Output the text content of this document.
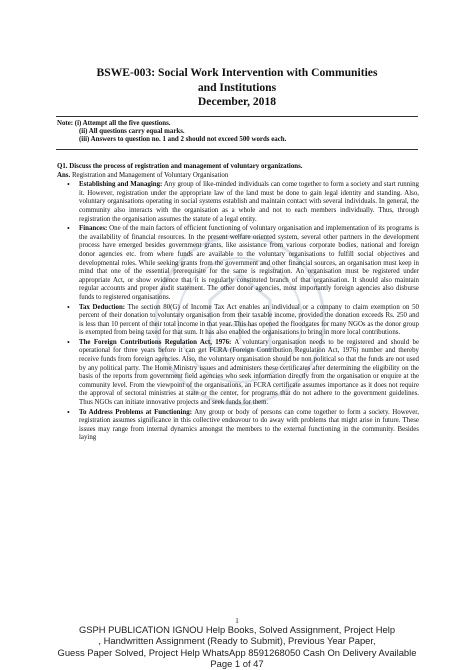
BSWE-003: Social Work Intervention with Communities
and Institutions
December, 2018
Note: (i) Attempt all the five questions.
(ii) All questions carry equal marks.
(iii) Answers to question no. 1 and 2 should not exceed 500 words each.
Q1. Discuss the process of registration and management of voluntary organizations.
Ans. Registration and Management of Voluntary Organisation
• Establishing and Managing: Any group of like-minded individuals can come together to form a society and start running it. However, registration under the appropriate law of the land must be done to gain legal identity and standing. Also, voluntary organisations operating in social systems establish and maintain contact with several individuals. In general, the community also interacts with the organisation as a whole and not to each members individually. Thus, through registration the organisation assumes the statute of a legal entity.
• Finances: One of the main factors of efficient functioning of voluntary organisation and implementation of its programs is the availability of financial resources. In the present welfare oriented system, several other partners in the development process have emerged besides government grants, like assistance from various corporate bodies, national and foreign donor agencies etc. from where funds are available to the voluntary organisations to fulfill social objectives and developmental roles. While seeking grants from the government and other financial sources, an organisation must keep in mind that one of the essential prerequisite for the same is registration. An organisation must be registered under appropriate Act, or show evidence that it is regularly constituted branch of that organisation. It should also maintain regular accounts and proper audit statement. The other donor agencies, most importantly foreign agencies also disburse funds to registered organisations.
• Tax Deduction: The section 80(G) of Income Tax Act enables an individual or a company to claim exemption on 50 percent of their donation to voluntary organisation from their taxable income, provided the donation exceeds Rs. 250 and is less than 10 percent of their total income in that year. This has opened the floodgates for many NGOs as the donor group is exempted from being taxed for that sum. It has also enabled the organisations to bring in more local contributions.
• The Foreign Contributions Regulation Act, 1976: A voluntary organisation needs to be registered and should be operational for three years before it can get FCRA (Foreign Contribution Regulation Act, 1976) number and thereby receive funds from foreign agencies. Also, the voluntary organisation should be non political so that the funds are not used by any political party. The Home Ministry issues and administers these certificates after determining the eligibility on the basis of the reports from government field agencies who seek information directly from the organisation or enquire at the community level. From the viewpoint of the organisations, an FCRA certificate assumes importance as it does not require the approval of sectoral ministries at state or the center, for programs that do not adhere to the government guidelines. Thus NGOs can initiate innovative projects and seek funds for them.
• To Address Problems at Functioning: Any group or body of persons can come together to form a society. However, registration assumes significance in this collective endeavour to do away with problems that might arise in future. These issues may range from internal dynamics amongst the members to the external functioning in the community. Besides laying
1
GSPH PUBLICATION IGNOU Help Books, Solved Assignment, Project Help
, Handwritten Assignment (Ready to Submit), Previous Year Paper,
Guess Paper Solved, Project Help WhatsApp 8591268050 Cash On Delivery Available
Page 1 of 47
